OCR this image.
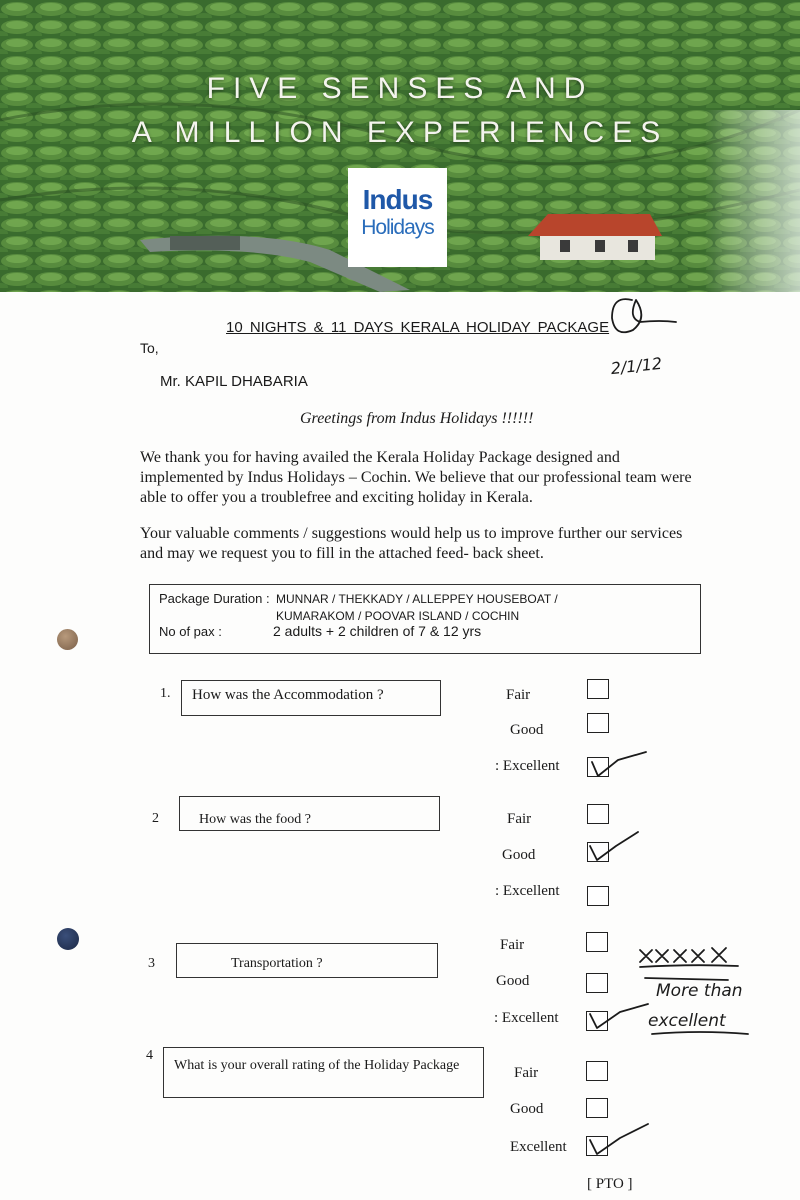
FIVE SENSES AND
A MILLION EXPERIENCES
Indus
Holidays
10 NIGHTS & 11 DAYS KERALA HOLIDAY PACKAGE
To,
Mr. KAPIL DHABARIA
Greetings from Indus Holidays !!!!!!
We thank you for having availed the Kerala Holiday Package designed and implemented by Indus Holidays – Cochin. We believe that our professional team were able to offer you a troublefree and exciting holiday in Kerala.
Your valuable comments / suggestions would help us to improve further our services and may we request you to fill in the attached feed- back sheet.
Package Duration : MUNNAR / THEKKADY / ALLEPPEY HOUSEBOAT /
KUMARAKOM / POOVAR ISLAND / COCHIN
No of pax :	2 adults + 2 children of 7 & 12 yrs
1.	How was the Accommodation ?	Fair
Good
: Excellent
2	How was the food ?	Fair
Good
: Excellent
3	Transportation ?
Fair
Good
: Excellent
4
What is your overall rating of the Holiday Package	Fair
Good
Excellent
[ PTO ]
2/1/12
More than
excellent
